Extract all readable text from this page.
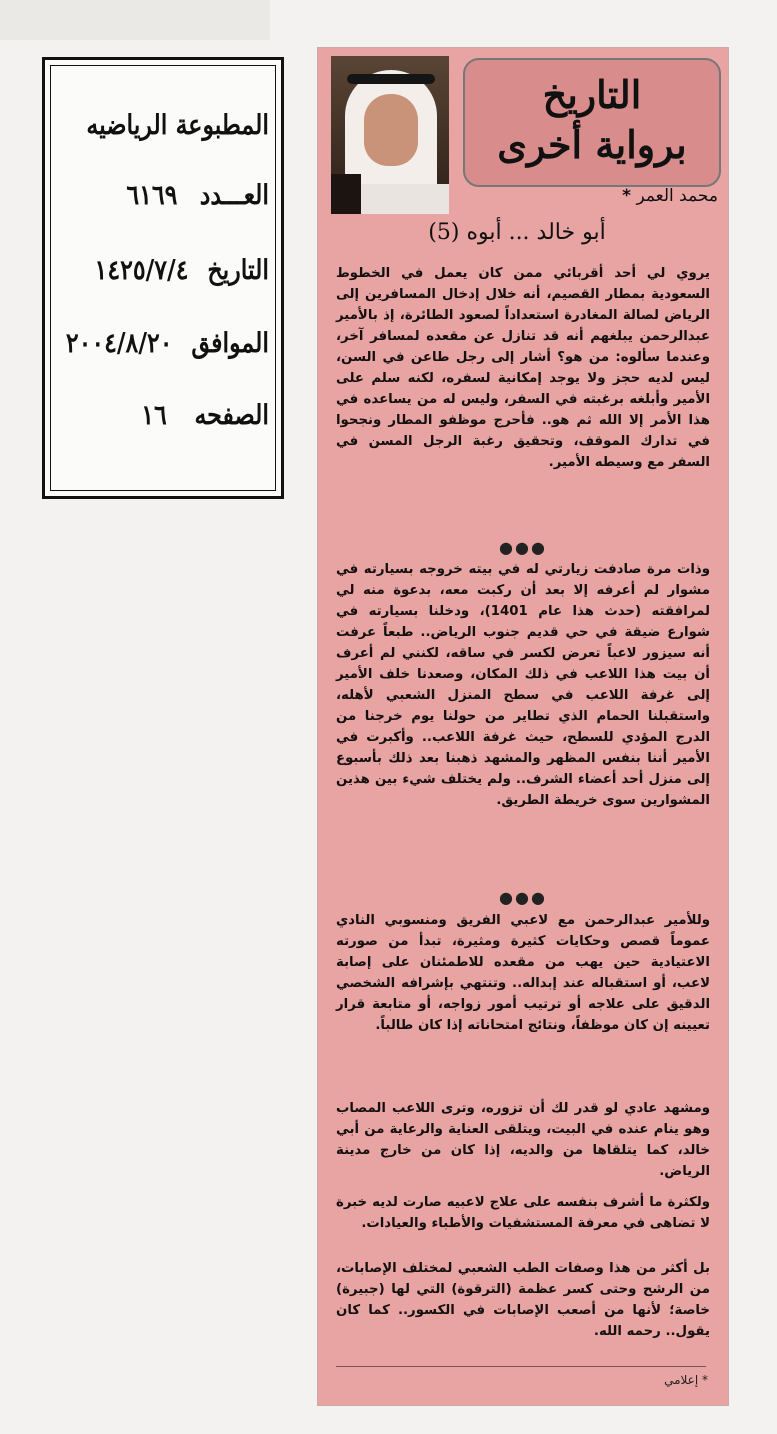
المطبوعة الرياضيه
العـــدد ٦١٦٩
التاريخ ١٤٢٥/٧/٤
الموافق ٢٠٠٤/٨/٢٠
الصفحه ١٦
التاريخ
برواية أخرى
محمد العمر *
أبو خالد ... أبوه (5)
يروي لي أحد أقربائي ممن كان يعمل في الخطوط السعودية بمطار القصيم، أنه خلال إدخال المسافرين إلى الرياض لصالة المغادرة استعداداً لصعود الطائرة، إذ بالأمير عبدالرحمن يبلغهم أنه قد تنازل عن مقعده لمسافر آخر، وعندما سألوه: من هو؟ أشار إلى رجل طاعن في السن، ليس لديه حجز ولا يوجد إمكانية لسفره، لكنه سلم على الأمير وأبلغه برغبته في السفر، وليس له من يساعده في هذا الأمر إلا الله ثم هو.. فأحرج موظفو المطار ونجحوا في تدارك الموقف، وتحقيق رغبة الرجل المسن في السفر مع وسيطه الأمير.
●●●
وذات مرة صادفت زيارتي له في بيته خروجه بسيارته في مشوار لم أعرفه إلا بعد أن ركبت معه، بدعوة منه لي لمرافقته (حدث هذا عام 1401)، ودخلنا بسيارته في شوارع ضيقة في حي قديم جنوب الرياض.. طبعاً عرفت أنه سيزور لاعباً تعرض لكسر في ساقه، لكنني لم أعرف أن بيت هذا اللاعب في ذلك المكان، وصعدنا خلف الأمير إلى غرفة اللاعب في سطح المنزل الشعبي لأهله، واستقبلنا الحمام الذي تطاير من حولنا يوم خرجنا من الدرج المؤدي للسطح، حيث غرفة اللاعب.. وأكبرت في الأمير أننا بنفس المظهر والمشهد ذهبنا بعد ذلك بأسبوع إلى منزل أحد أعضاء الشرف.. ولم يختلف شيء بين هذين المشوارين سوى خريطة الطريق.
●●●
وللأمير عبدالرحمن مع لاعبي الفريق ومنسوبي النادي عموماً قصص وحكايات كثيرة ومثيرة، تبدأ من صورته الاعتيادية حين يهب من مقعده للاطمئنان على إصابة لاعب، أو استقباله عند إبداله.. وتنتهي بإشرافه الشخصي الدقيق على علاجه أو ترتيب أمور زواجه، أو متابعة قرار تعيينه إن كان موظفاً، ونتائج امتحاناته إذا كان طالباً.
ومشهد عادي لو قدر لك أن تزوره، وترى اللاعب المصاب وهو ينام عنده في البيت، ويتلقى العناية والرعاية من أبي خالد، كما يتلقاها من والديه، إذا كان من خارج مدينة الرياض.
ولكثرة ما أشرف بنفسه على علاج لاعبيه صارت لديه خبرة لا تضاهى في معرفة المستشفيات والأطباء والعيادات.
بل أكثر من هذا وصفات الطب الشعبي لمختلف الإصابات، من الرشح وحتى كسر عظمة (الترقوة) التي لها (جبيرة) خاصة؛ لأنها من أصعب الإصابات في الكسور.. كما كان يقول.. رحمه الله.
* إعلامي
